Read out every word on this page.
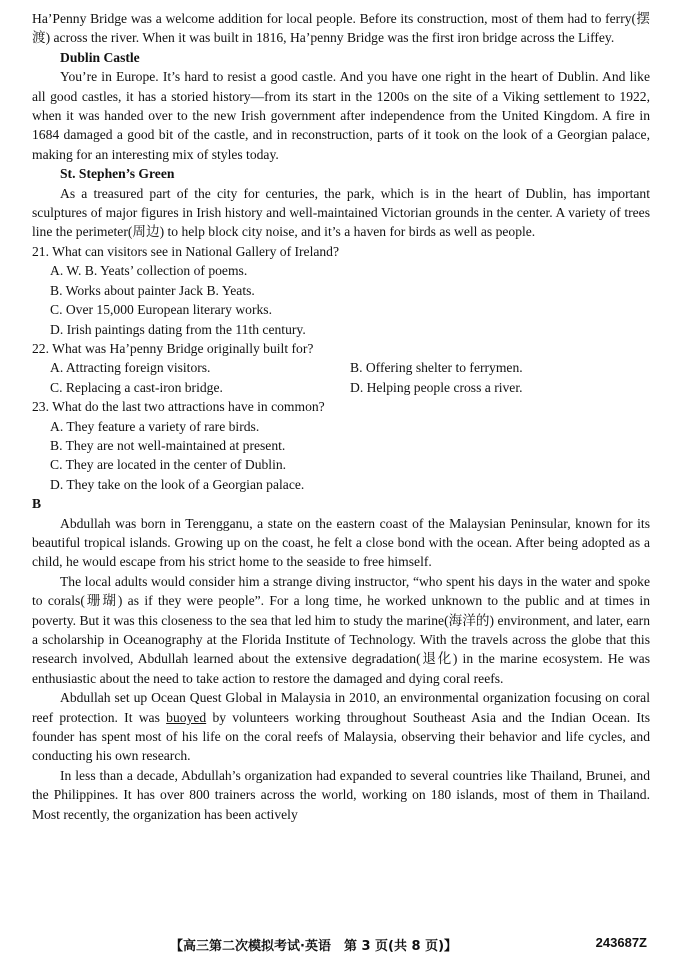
Ha’Penny Bridge was a welcome addition for local people. Before its construction, most of them had to ferry(摆渡) across the river. When it was built in 1816, Ha’penny Bridge was the first iron bridge across the Liffey.

Dublin Castle

You’re in Europe. It’s hard to resist a good castle. And you have one right in the heart of Dublin. And like all good castles, it has a storied history—from its start in the 1200s on the site of a Viking settlement to 1922, when it was handed over to the new Irish government after independence from the United Kingdom. A fire in 1684 damaged a good bit of the castle, and in reconstruction, parts of it took on the look of a Georgian palace, making for an interesting mix of styles today.

St. Stephen’s Green

As a treasured part of the city for centuries, the park, which is in the heart of Dublin, has important sculptures of major figures in Irish history and well-maintained Victorian grounds in the center. A variety of trees line the perimeter(周边) to help block city noise, and it’s a haven for birds as well as people.

21. What can visitors see in National Gallery of Ireland?

A. W. B. Yeats’ collection of poems.

B. Works about painter Jack B. Yeats.

C. Over 15,000 European literary works.

D. Irish paintings dating from the 11th century.

22. What was Ha’penny Bridge originally built for?

A. Attracting foreign visitors.	B. Offering shelter to ferrymen.

C. Replacing a cast-iron bridge.	D. Helping people cross a river.

23. What do the last two attractions have in common?

A. They feature a variety of rare birds.

B. They are not well-maintained at present.

C. They are located in the center of Dublin.

D. They take on the look of a Georgian palace.

B

Abdullah was born in Terengganu, a state on the eastern coast of the Malaysian Peninsular, known for its beautiful tropical islands. Growing up on the coast, he felt a close bond with the ocean. After being adopted as a child, he would escape from his strict home to the seaside to free himself.

The local adults would consider him a strange diving instructor, “who spent his days in the water and spoke to corals(珊瑚) as if they were people”. For a long time, he worked unknown to the public and at times in poverty. But it was this closeness to the sea that led him to study the marine(海洋的) environment, and later, earn a scholarship in Oceanography at the Florida Institute of Technology. With the travels across the globe that this research involved, Abdullah learned about the extensive degradation(退化) in the marine ecosystem. He was enthusiastic about the need to take action to restore the damaged and dying coral reefs.

Abdullah set up Ocean Quest Global in Malaysia in 2010, an environmental organization focusing on coral reef protection. It was buoyed by volunteers working throughout Southeast Asia and the Indian Ocean. Its founder has spent most of his life on the coral reefs of Malaysia, observing their behavior and life cycles, and conducting his own research.

In less than a decade, Abdullah’s organization had expanded to several countries like Thailand, Brunei, and the Philippines. It has over 800 trainers across the world, working on 180 islands, most of them in Thailand. Most recently, the organization has been actively

【高三第二次模拟考试·英语　第 3 页(共 8 页)】	243687Z
